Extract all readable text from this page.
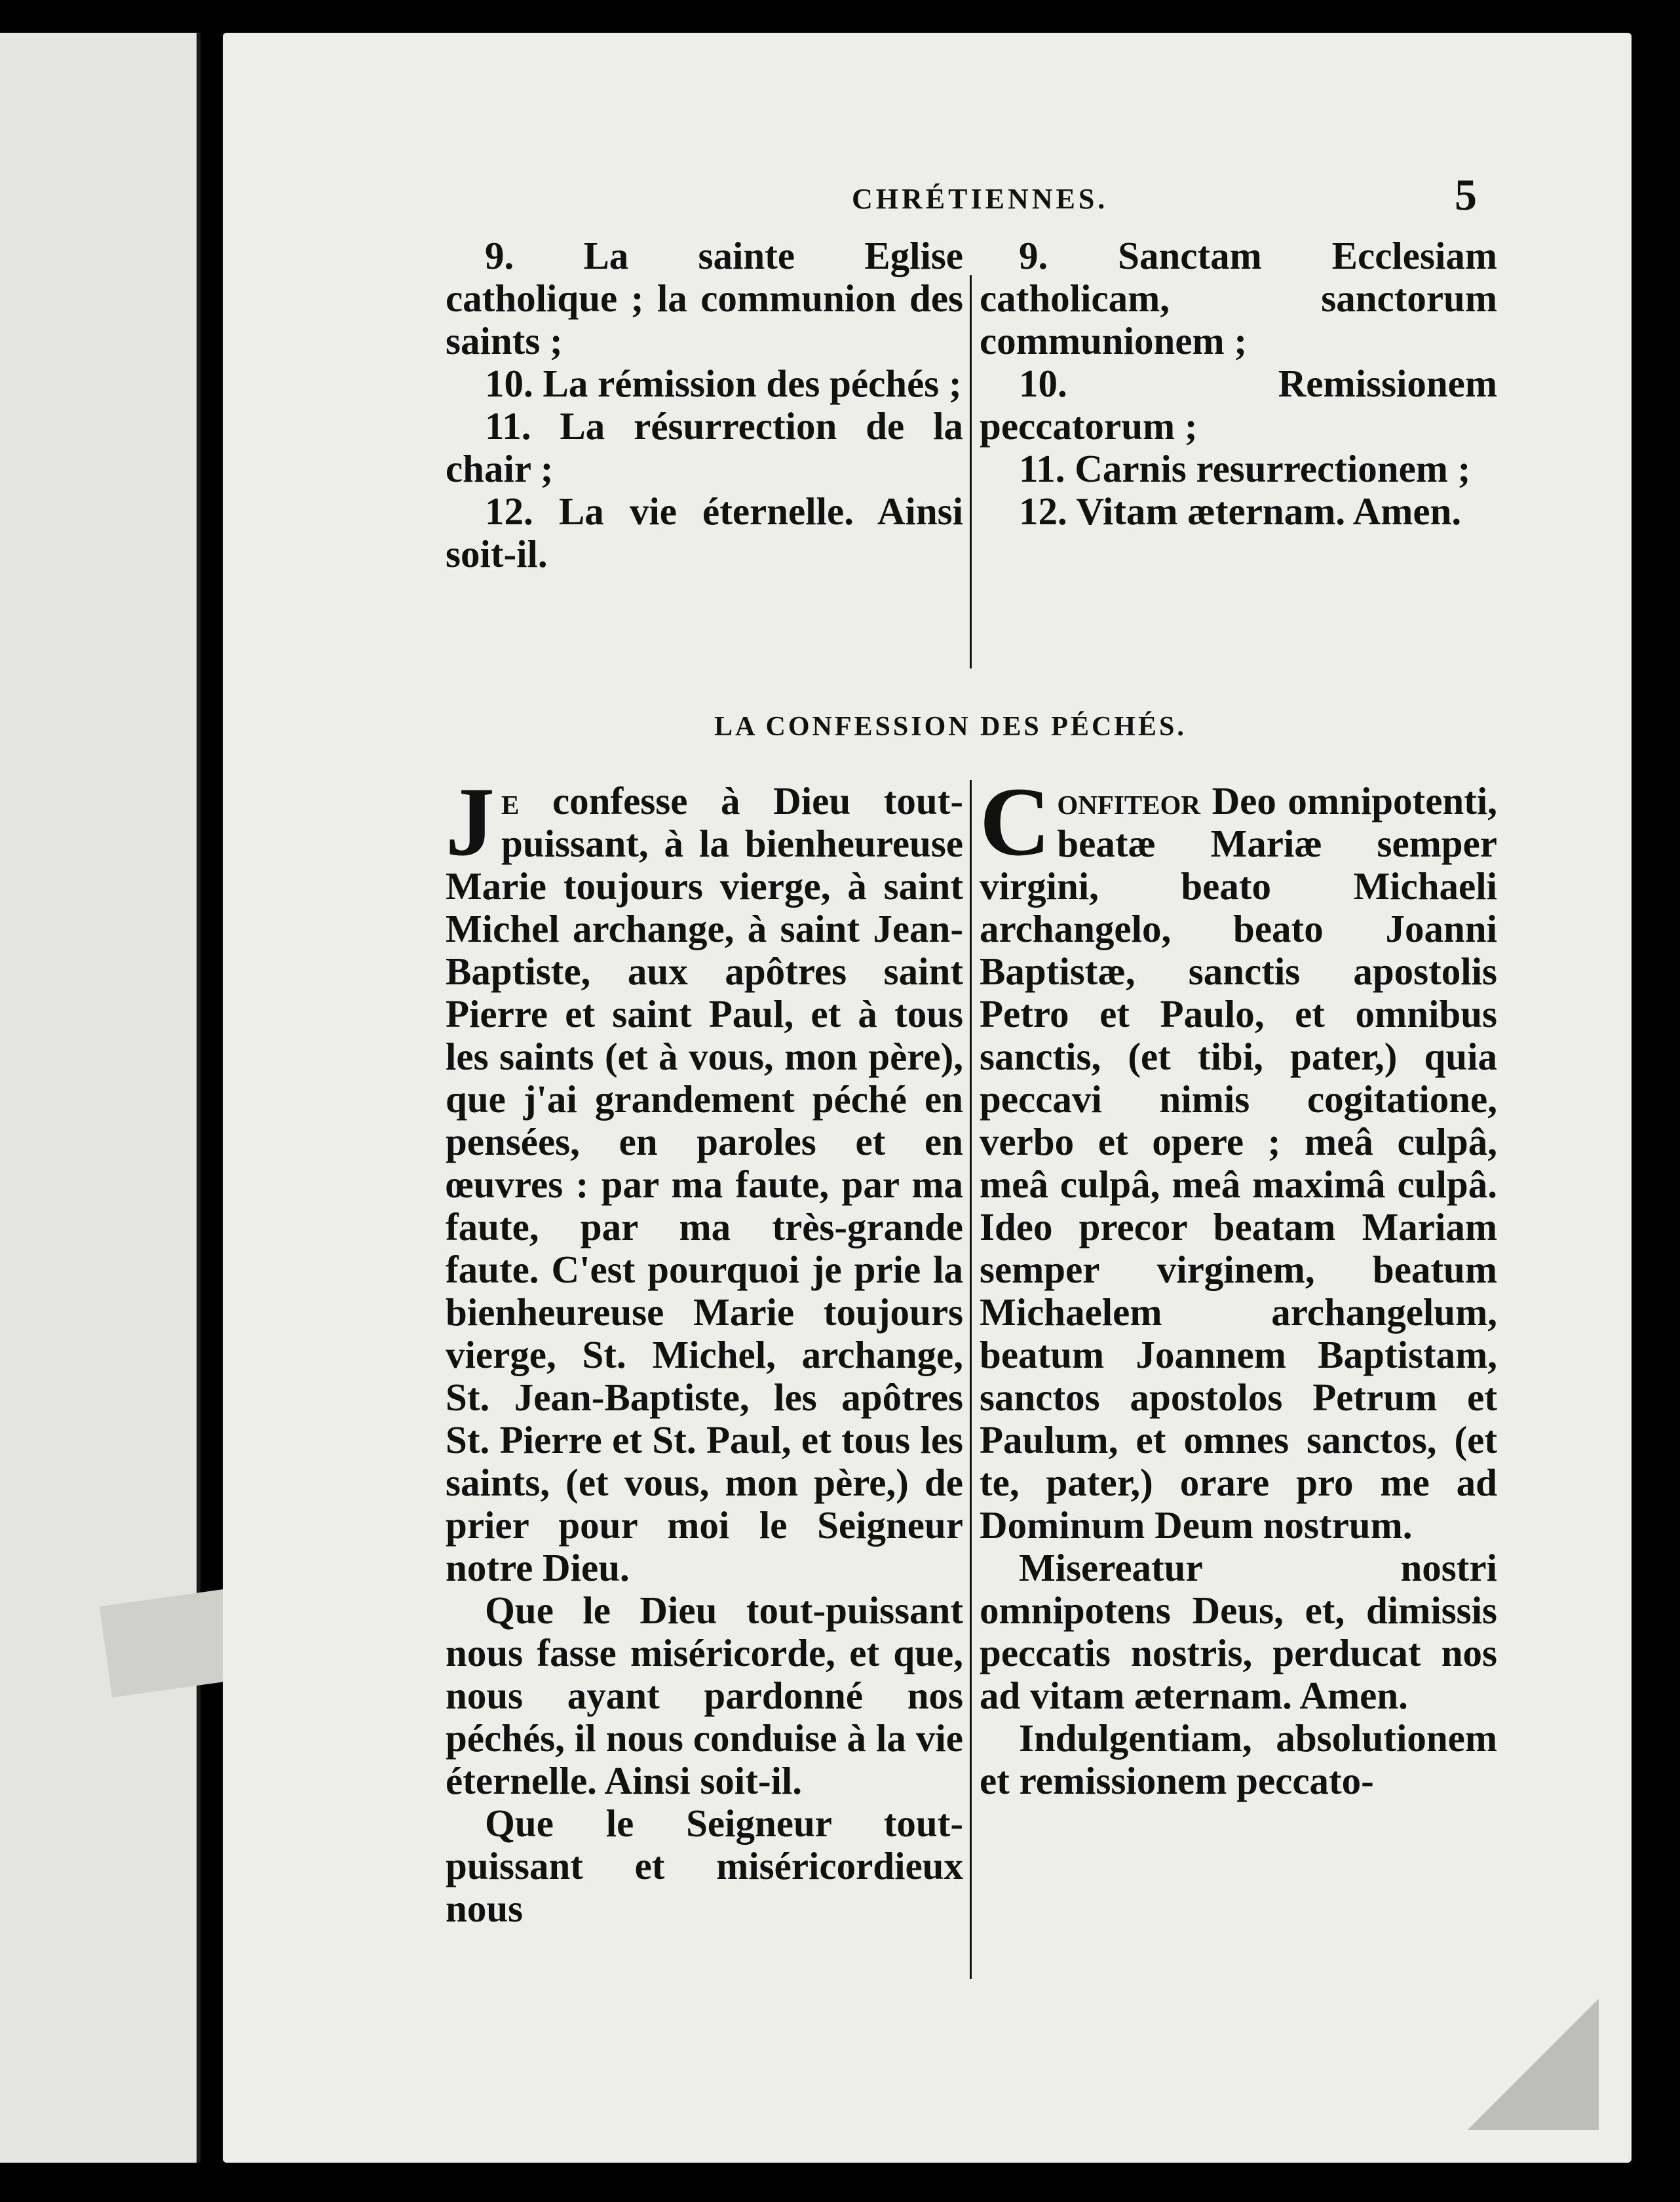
CHRÉTIENNES.	5

9. La sainte Eglise catholique ; la communion des saints ;

10. La rémission des péchés ;

11. La résurrection de la chair ;

12. La vie éternelle. Ainsi soit-il.

9. Sanctam Ecclesiam catholicam, sanctorum communionem ;

10. Remissionem peccatorum ;

11. Carnis resurrectionem ;

12. Vitam æternam. Amen.

LA CONFESSION DES PÉCHÉS.

Je confesse à Dieu tout-puissant, à la bienheureuse Marie toujours vierge, à saint Michel archange, à saint Jean-Baptiste, aux apôtres saint Pierre et saint Paul, et à tous les saints (et à vous, mon père), que j'ai grandement péché en pensées, en paroles et en œuvres : par ma faute, par ma faute, par ma très-grande faute. C'est pourquoi je prie la bienheureuse Marie toujours vierge, St. Michel, archange, St. Jean-Baptiste, les apôtres St. Pierre et St. Paul, et tous les saints, (et vous, mon père,) de prier pour moi le Seigneur notre Dieu.

Que le Dieu tout-puissant nous fasse miséricorde, et que, nous ayant pardonné nos péchés, il nous conduise à la vie éternelle. Ainsi soit-il.

Que le Seigneur tout-puissant et miséricordieux nous

Confiteor Deo omnipotenti, beatæ Mariæ semper virgini, beato Michaeli archangelo, beato Joanni Baptistæ, sanctis apostolis Petro et Paulo, et omnibus sanctis, (et tibi, pater,) quia peccavi nimis cogitatione, verbo et opere ; meâ culpâ, meâ culpâ, meâ maximâ culpâ. Ideo precor beatam Mariam semper virginem, beatum Michaelem archangelum, beatum Joannem Baptistam, sanctos apostolos Petrum et Paulum, et omnes sanctos, (et te, pater,) orare pro me ad Dominum Deum nostrum.

Misereatur nostri omnipotens Deus, et, dimissis peccatis nostris, perducat nos ad vitam æternam. Amen.

Indulgentiam, absolutionem et remissionem peccato-
